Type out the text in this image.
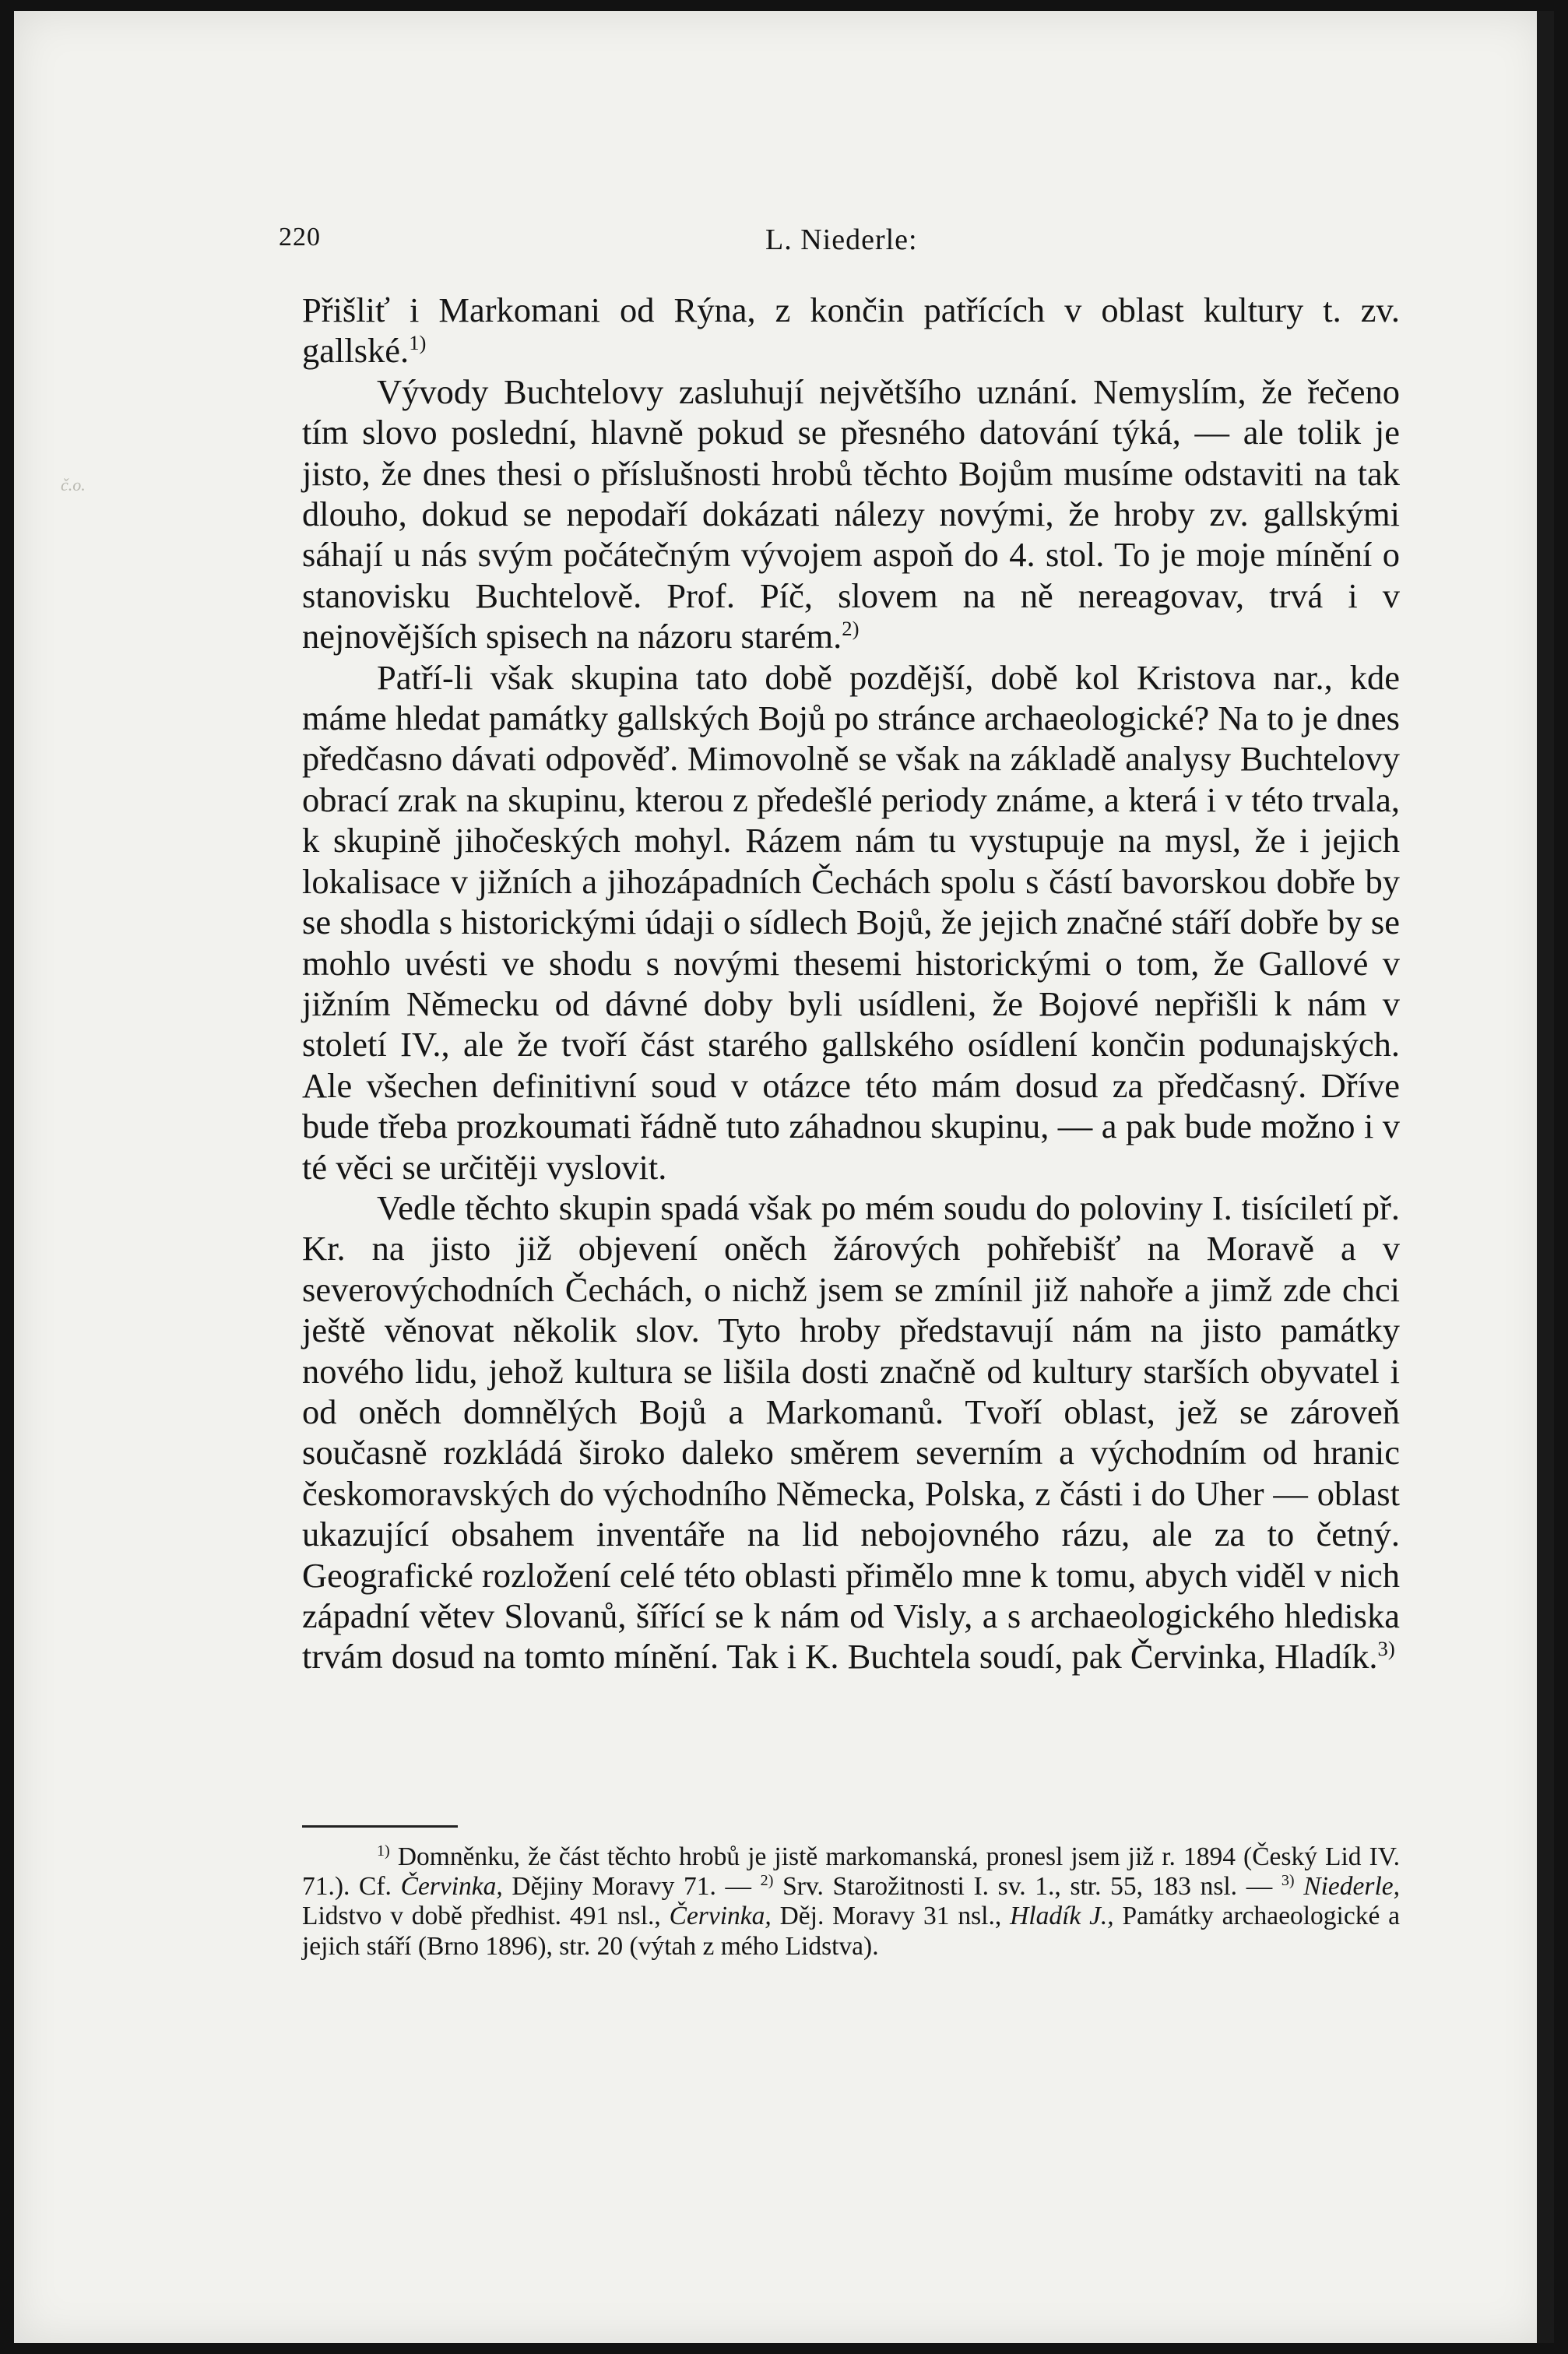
č.o.
220	L. Niederle:

Přišliť i Markomani od Rýna, z končin patřících v oblast kultury t. zv. gallské.$^{1)}$

Vývody Buchtelovy zasluhují největšího uznání. Nemyslím, že řečeno tím slovo poslední, hlavně pokud se přesného datování týká, — ale tolik je jisto, že dnes thesi o příslušnosti hrobů těchto Bojům musíme odstaviti na tak dlouho, dokud se nepodaří dokázati nálezy novými, že hroby zv. gallskými sáhají u nás svým počátečným vývojem aspoň do 4. stol. To je moje mínění o stanovisku Buchtelově. Prof. Píč, slovem na ně nereagovav, trvá i v nejnovějších spisech na názoru starém.$^{2)}$

Patří-li však skupina tato době pozdější, době kol Kristova nar., kde máme hledat památky gallských Bojů po stránce archaeologické? Na to je dnes předčasno dávati odpověď. Mimovolně se však na základě analysy Buchtelovy obrací zrak na skupinu, kterou z předešlé periody známe, a která i v této trvala, k skupině jihočeských mohyl. Rázem nám tu vystupuje na mysl, že i jejich lokalisace v jižních a jihozápadních Čechách spolu s částí bavorskou dobře by se shodla s historickými údaji o sídlech Bojů, že jejich značné stáří dobře by se mohlo uvésti ve shodu s novými thesemi historickými o tom, že Gallové v jižním Německu od dávné doby byli usídleni, že Bojové nepřišli k nám v století IV., ale že tvoří část starého gallského osídlení končin podunajských. Ale všechen definitivní soud v otázce této mám dosud za předčasný. Dříve bude třeba prozkoumati řádně tuto záhadnou skupinu, — a pak bude možno i v té věci se určitěji vyslovit.

Vedle těchto skupin spadá však po mém soudu do poloviny I. tisíciletí př. Kr. na jisto již objevení oněch žárových pohřebišť na Moravě a v severovýchodních Čechách, o nichž jsem se zmínil již nahoře a jimž zde chci ještě věnovat několik slov. Tyto hroby představují nám na jisto památky nového lidu, jehož kultura se lišila dosti značně od kultury starších obyvatel i od oněch domnělých Bojů a Markomanů. Tvoří oblast, jež se zároveň současně rozkládá široko daleko směrem severním a východním od hranic českomoravských do východního Německa, Polska, z části i do Uher — oblast ukazující obsahem inventáře na lid nebojovného rázu, ale za to četný. Geografické rozložení celé této oblasti přimělo mne k tomu, abych viděl v nich západní větev Slovanů, šířící se k nám od Visly, a s archaeologického hlediska trvám dosud na tomto mínění. Tak i K. Buchtela soudí, pak Červinka, Hladík.$^{3)}$

$^{1)}$ Domněnku, že část těchto hrobů je jistě markomanská, pronesl jsem již r. 1894 (Český Lid IV. 71.). Cf. Červinka, Dějiny Moravy 71. — $^{2)}$ Srv. Starožitnosti I. sv. 1., str. 55, 183 nsl. — $^{3)}$ Niederle, Lidstvo v době předhist. 491 nsl., Červinka, Děj. Moravy 31 nsl., Hladík J., Památky archaeologické a jejich stáří (Brno 1896), str. 20 (výtah z mého Lidstva).
